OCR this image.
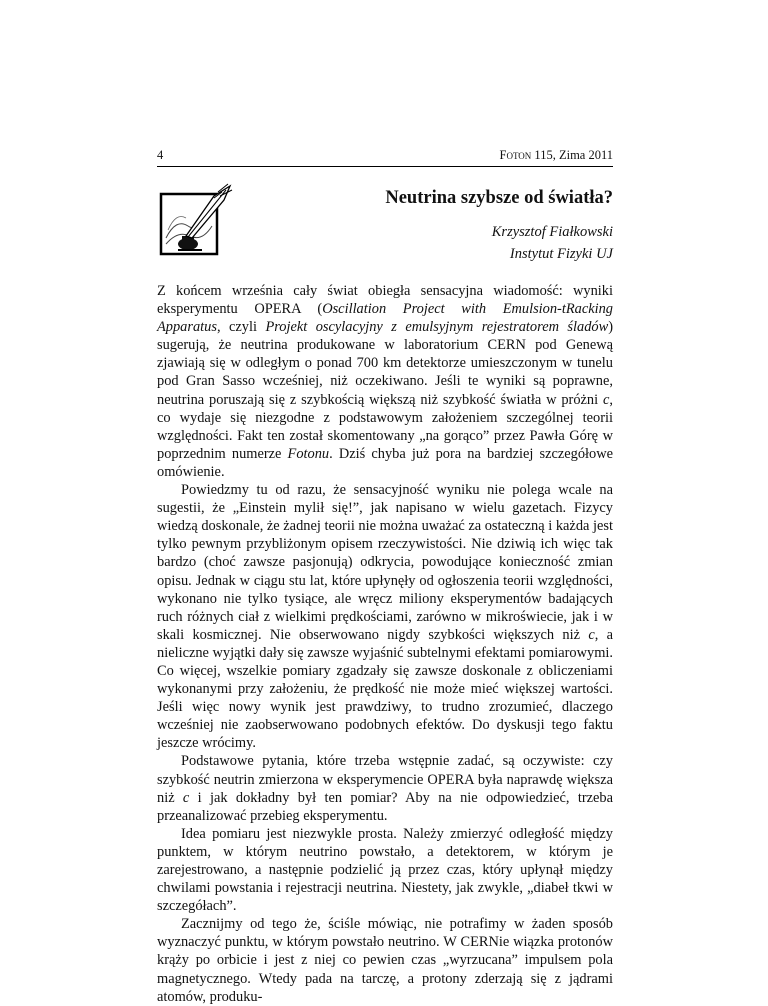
4	Foton 115, Zima 2011
Neutrina szybsze od światła?
Krzysztof Fiałkowski
Instytut Fizyki UJ

Z końcem września cały świat obiegła sensacyjna wiadomość: wyniki eksperymentu OPERA (Oscillation Project with Emulsion-tRacking Apparatus, czyli Projekt oscylacyjny z emulsyjnym rejestratorem śladów) sugerują, że neutrina produkowane w laboratorium CERN pod Genewą zjawiają się w odległym o ponad 700 km detektorze umieszczonym w tunelu pod Gran Sasso wcześniej, niż oczekiwano. Jeśli te wyniki są poprawne, neutrina poruszają się z szybkością większą niż szybkość światła w próżni c, co wydaje się niezgodne z podstawowym założeniem szczególnej teorii względności. Fakt ten został skomentowany „na gorąco” przez Pawła Górę w poprzednim numerze Fotonu. Dziś chyba już pora na bardziej szczegółowe omówienie.

Powiedzmy tu od razu, że sensacyjność wyniku nie polega wcale na sugestii, że „Einstein mylił się!”, jak napisano w wielu gazetach. Fizycy wiedzą doskonale, że żadnej teorii nie można uważać za ostateczną i każda jest tylko pewnym przybliżonym opisem rzeczywistości. Nie dziwią ich więc tak bardzo (choć zawsze pasjonują) odkrycia, powodujące konieczność zmian opisu. Jednak w ciągu stu lat, które upłynęły od ogłoszenia teorii względności, wykonano nie tylko tysiące, ale wręcz miliony eksperymentów badających ruch różnych ciał z wielkimi prędkościami, zarówno w mikroświecie, jak i w skali kosmicznej. Nie obserwowano nigdy szybkości większych niż c, a nieliczne wyjątki dały się zawsze wyjaśnić subtelnymi efektami pomiarowymi. Co więcej, wszelkie pomiary zgadzały się zawsze doskonale z obliczeniami wykonanymi przy założeniu, że prędkość nie może mieć większej wartości. Jeśli więc nowy wynik jest prawdziwy, to trudno zrozumieć, dlaczego wcześniej nie zaobserwowano podobnych efektów. Do dyskusji tego faktu jeszcze wrócimy.

Podstawowe pytania, które trzeba wstępnie zadać, są oczywiste: czy szybkość neutrin zmierzona w eksperymencie OPERA była naprawdę większa niż c i jak dokładny był ten pomiar? Aby na nie odpowiedzieć, trzeba przeanalizować przebieg eksperymentu.

Idea pomiaru jest niezwykle prosta. Należy zmierzyć odległość między punktem, w którym neutrino powstało, a detektorem, w którym je zarejestrowano, a następnie podzielić ją przez czas, który upłynął między chwilami powstania i rejestracji neutrina. Niestety, jak zwykle, „diabeł tkwi w szczegółach”.

Zacznijmy od tego że, ściśle mówiąc, nie potrafimy w żaden sposób wyznaczyć punktu, w którym powstało neutrino. W CERNie wiązka protonów krąży po orbicie i jest z niej co pewien czas „wyrzucana” impulsem pola magnetycznego. Wtedy pada na tarczę, a protony zderzają się z jądrami atomów, produku-
